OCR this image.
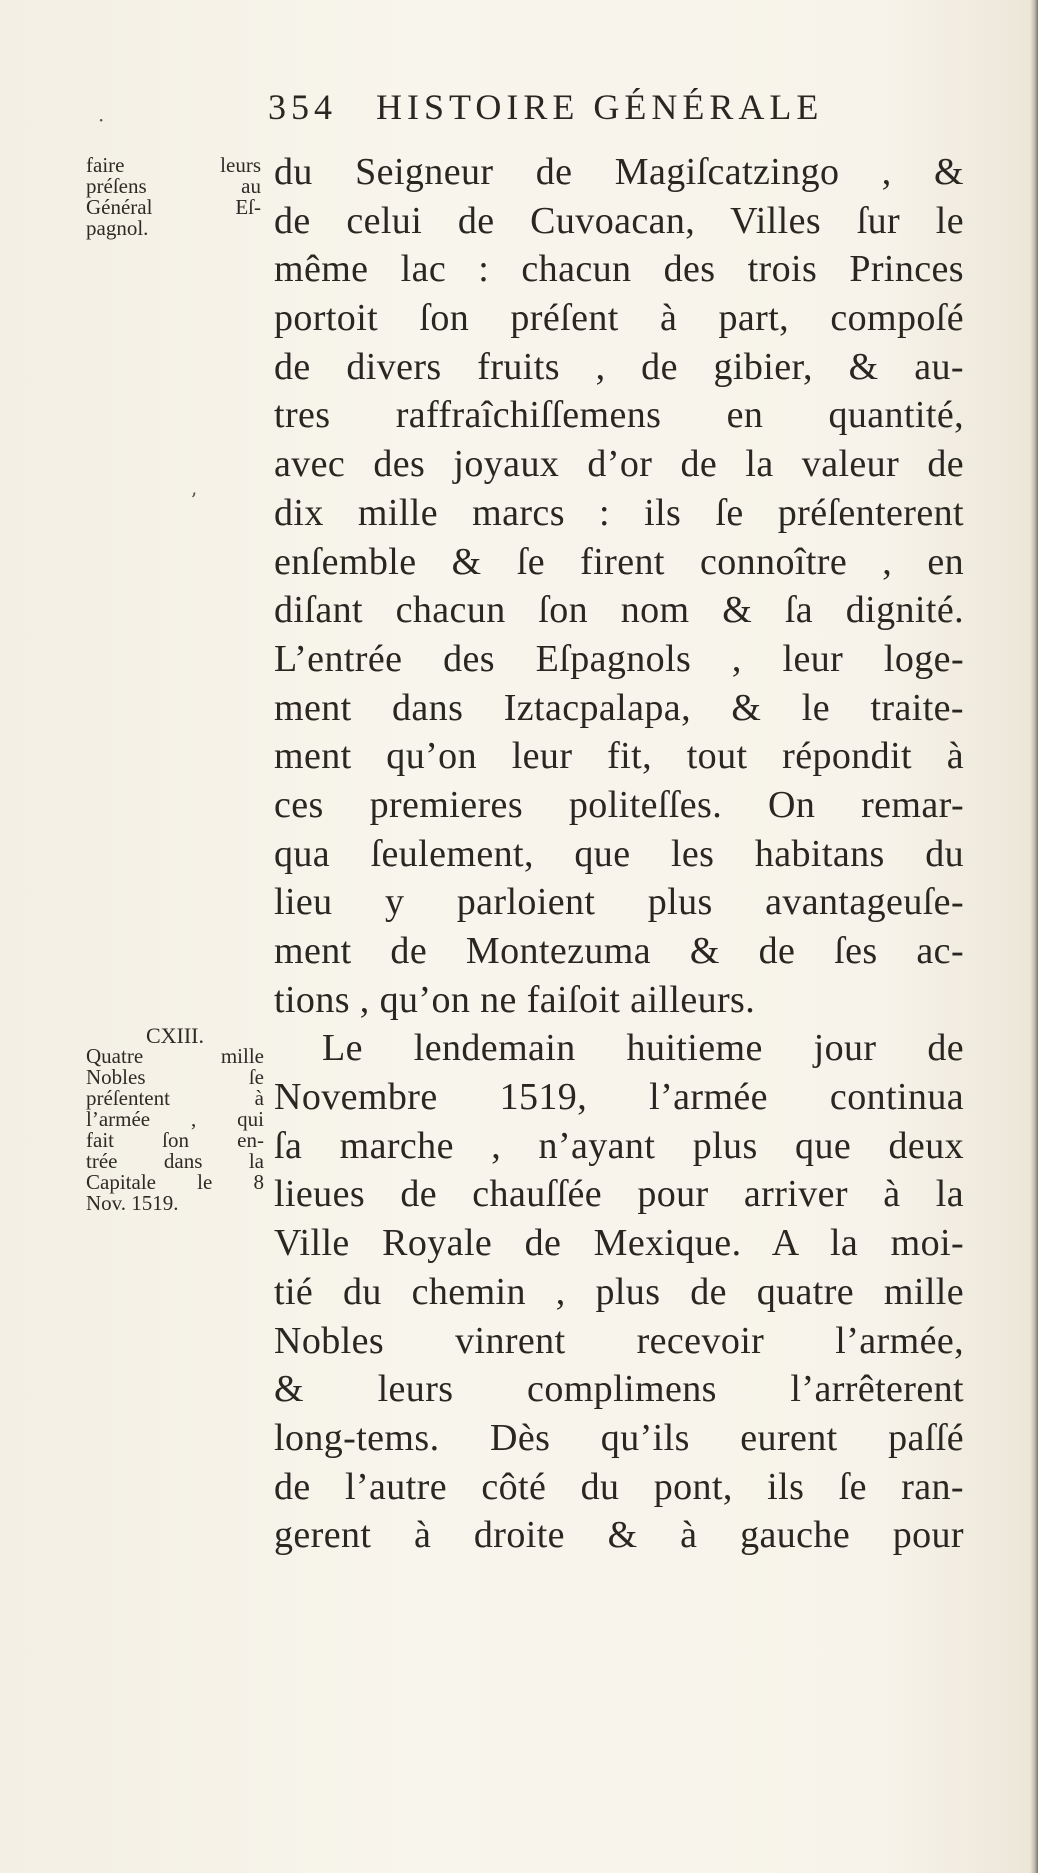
·
ʼ
354 HISTOIRE GÉNÉRALE
faire leurs
préſens au
Général Eſ-
pagnol.
CXIII.
Quatre mille
Nobles ſe
préſentent à
l’armée , qui
fait ſon en-
trée dans la
Capitale le 8
Nov. 1519.
du Seigneur de Magiſcatzingo , &
de celui de Cuvoacan, Villes ſur le
même lac : chacun des trois Princes
portoit ſon préſent à part, compoſé
de divers fruits , de gibier, & au-
tres raffraîchiſſemens en quantité,
avec des joyaux d’or de la valeur de
dix mille marcs : ils ſe préſenterent
enſemble & ſe firent connoître , en
diſant chacun ſon nom & ſa dignité.
L’entrée des Eſpagnols , leur loge-
ment dans Iztacpalapa, & le traite-
ment qu’on leur fit, tout répondit à
ces premieres politeſſes. On remar-
qua ſeulement, que les habitans du
lieu y parloient plus avantageuſe-
ment de Montezuma & de ſes ac-
tions , qu’on ne faiſoit ailleurs.
Le lendemain huitieme jour de
Novembre 1519, l’armée continua
ſa marche , n’ayant plus que deux
lieues de chauſſée pour arriver à la
Ville Royale de Mexique. A la moi-
tié du chemin , plus de quatre mille
Nobles vinrent recevoir l’armée,
& leurs complimens l’arrêterent
long-tems. Dès qu’ils eurent paſſé
de l’autre côté du pont, ils ſe ran-
gerent à droite & à gauche pour
